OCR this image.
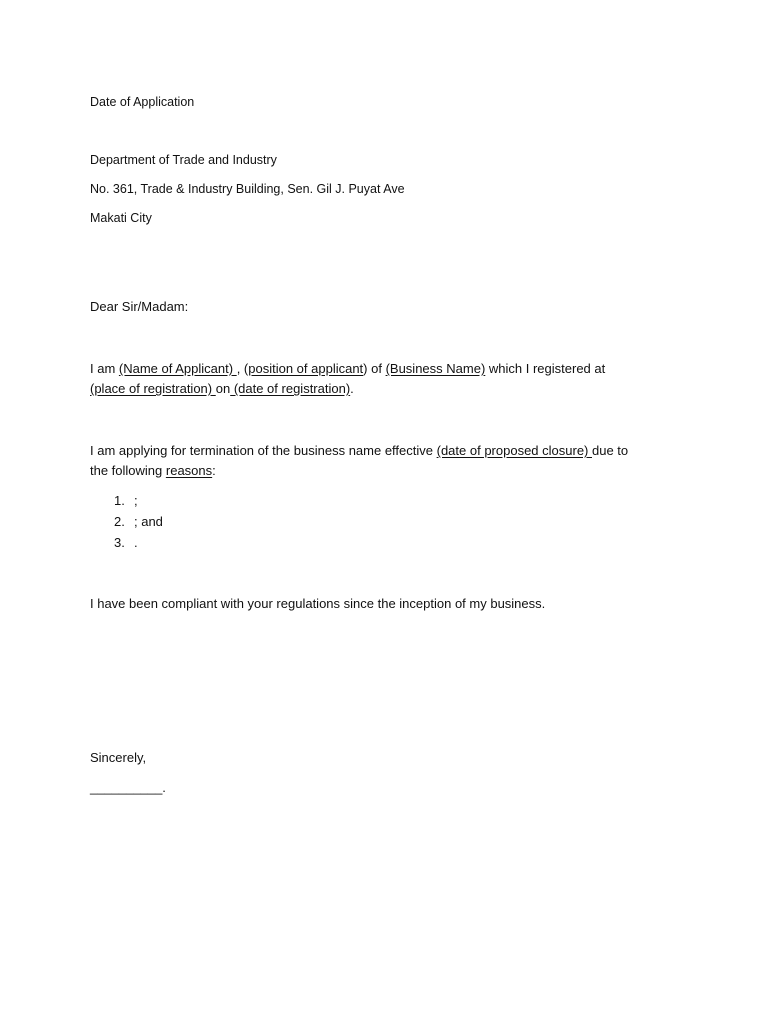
Date of Application
Department of Trade and Industry
No. 361, Trade & Industry Building, Sen. Gil J. Puyat Ave
Makati City
Dear Sir/Madam:
I am (Name of Applicant) , (position of applicant) of (Business Name) which I registered at
(place of registration) on (date of registration).
I am applying for termination of the business name effective (date of proposed closure) due to
the following reasons:
1. ;
2. ; and
3. .
I have been compliant with your regulations since the inception of my business.
Sincerely,
__________.
